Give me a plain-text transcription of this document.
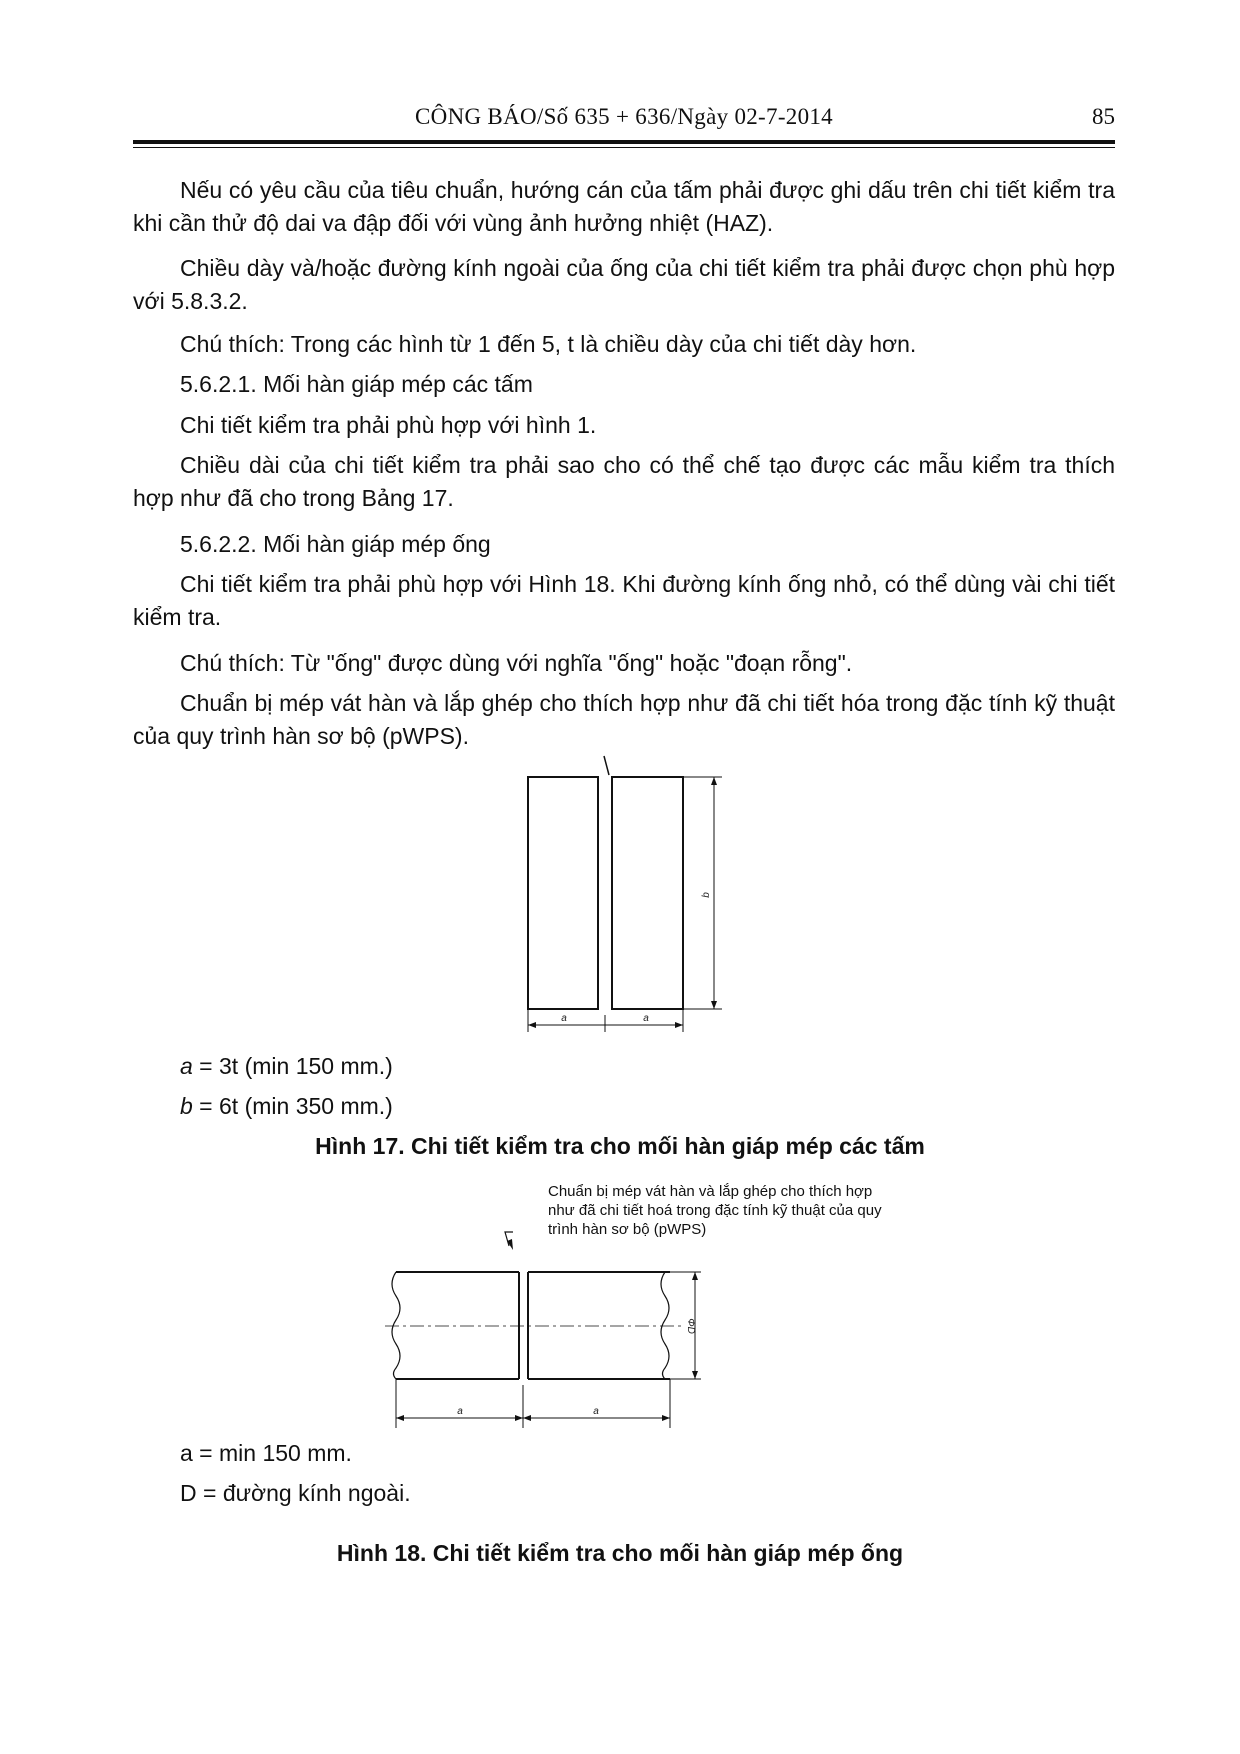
CÔNG BÁO/Số 635 + 636/Ngày 02-7-2014	85

Nếu có yêu cầu của tiêu chuẩn, hướng cán của tấm phải được ghi dấu trên chi tiết kiểm tra khi cần thử độ dai va đập đối với vùng ảnh hưởng nhiệt (HAZ).

Chiều dày và/hoặc đường kính ngoài của ống của chi tiết kiểm tra phải được chọn phù hợp với 5.8.3.2.

Chú thích: Trong các hình từ 1 đến 5, t là chiều dày của chi tiết dày hơn.

5.6.2.1. Mối hàn giáp mép các tấm

Chi tiết kiểm tra phải phù hợp với hình 1.

Chiều dài của chi tiết kiểm tra phải sao cho có thể chế tạo được các mẫu kiểm tra thích hợp như đã cho trong Bảng 17.

5.6.2.2. Mối hàn giáp mép ống

Chi tiết kiểm tra phải phù hợp với Hình 18. Khi đường kính ống nhỏ, có thể dùng vài chi tiết kiểm tra.

Chú thích: Từ "ống" được dùng với nghĩa "ống" hoặc "đoạn rỗng".

Chuẩn bị mép vát hàn và lắp ghép cho thích hợp như đã chi tiết hóa trong đặc tính kỹ thuật của quy trình hàn sơ bộ (pWPS).

a	a
b

a = 3t (min 150 mm.)

b = 6t (min 350 mm.)

Hình 17. Chi tiết kiểm tra cho mối hàn giáp mép các tấm

Chuẩn bị mép vát hàn và lắp ghép cho thích hợp như đã chi tiết hoá trong đặc tính kỹ thuật của quy trình hàn sơ bộ (pWPS)

a	a
ΦD

a = min 150 mm.

D = đường kính ngoài.

Hình 18. Chi tiết kiểm tra cho mối hàn giáp mép ống
